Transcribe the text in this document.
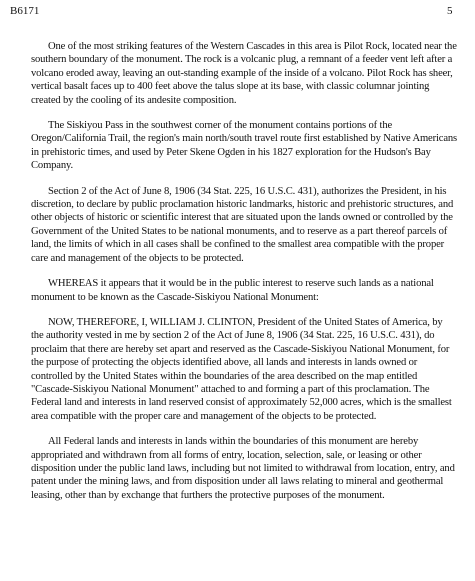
B6171	5

One of the most striking features of the Western Cascades in this area is Pilot Rock, located near the southern boundary of the monument. The rock is a volcanic plug, a remnant of a feeder vent left after a volcano eroded away, leaving an out-standing example of the inside of a volcano. Pilot Rock has sheer, vertical basalt faces up to 400 feet above the talus slope at its base, with classic columnar jointing created by the cooling of its andesite composition.

The Siskiyou Pass in the southwest corner of the monument contains portions of the Oregon/California Trail, the region's main north/south travel route first established by Native Americans in prehistoric times, and used by Peter Skene Ogden in his 1827 exploration for the Hudson's Bay Company.

Section 2 of the Act of June 8, 1906 (34 Stat. 225, 16 U.S.C. 431), authorizes the President, in his discretion, to declare by public proclamation historic landmarks, historic and prehistoric structures, and other objects of historic or scientific interest that are situated upon the lands owned or controlled by the Government of the United States to be national monuments, and to reserve as a part thereof parcels of land, the limits of which in all cases shall be confined to the smallest area compatible with the proper care and management of the objects to be protected.

WHEREAS it appears that it would be in the public interest to reserve such lands as a national monument to be known as the Cascade-Siskiyou National Monument:

NOW, THEREFORE, I, WILLIAM J. CLINTON, President of the United States of America, by the authority vested in me by section 2 of the Act of June 8, 1906 (34 Stat. 225, 16 U.S.C. 431), do proclaim that there are hereby set apart and reserved as the Cascade-Siskiyou National Monument, for the purpose of protecting the objects identified above, all lands and interests in lands owned or controlled by the United States within the boundaries of the area described on the map entitled "Cascade-Siskiyou National Monument" attached to and forming a part of this proclamation. The Federal land and interests in land reserved consist of approximately 52,000 acres, which is the smallest area compatible with the proper care and management of the objects to be protected.

All Federal lands and interests in lands within the boundaries of this monument are hereby appropriated and withdrawn from all forms of entry, location, selection, sale, or leasing or other disposition under the public land laws, including but not limited to withdrawal from location, entry, and patent under the mining laws, and from disposition under all laws relating to mineral and geothermal leasing, other than by exchange that furthers the protective purposes of the monument.
